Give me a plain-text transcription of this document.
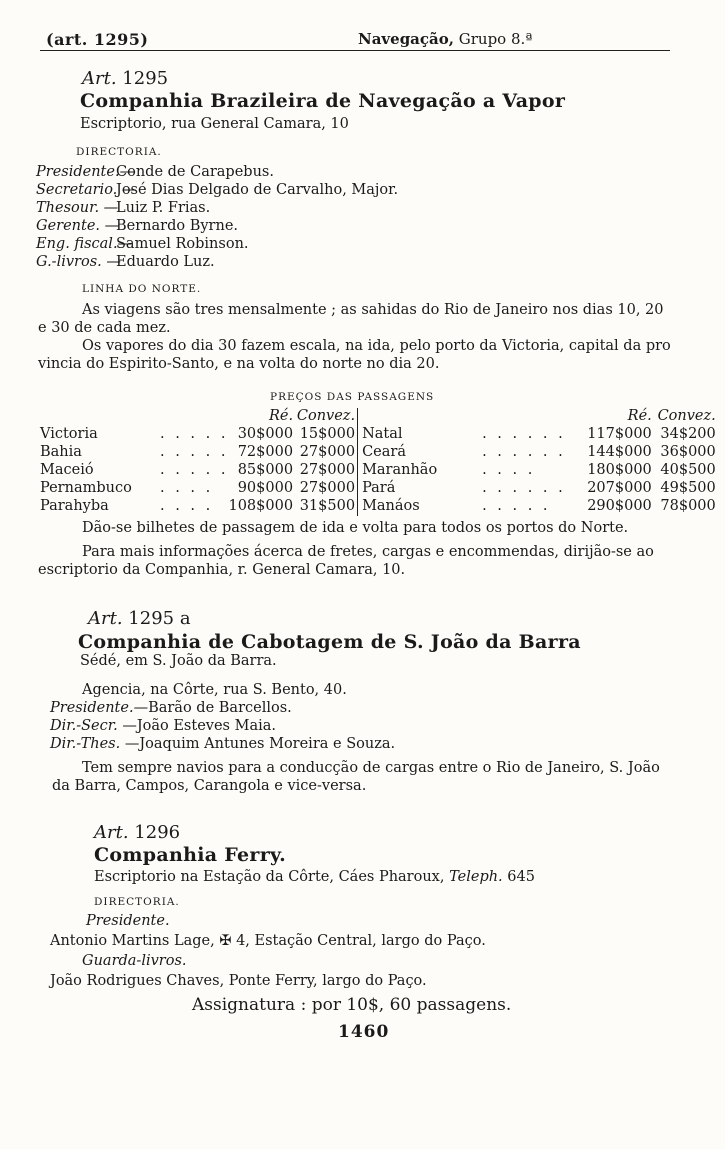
(art. 1295)	Navegação, Grupo 8.ª
Art. 1295
Companhia Brazileira de Navegação a Vapor
Escriptorio, rua General Camara, 10
DIRECTORIA.
Presidente.—Conde de Carapebus.
Secretario. —José Dias Delgado de Carvalho, Major.
Thesour. —Luiz P. Frias.
Gerente. —Bernardo Byrne.
Eng. fiscal.—Samuel Robinson.
G.-livros. —Eduardo Luz.
LINHA DO NORTE.
As viagens são tres mensalmente ; as sahidas do Rio de Janeiro nos dias 10, 20
e 30 de cada mez.
Os vapores do dia 30 fazem escala, na ida, pelo porto da Victoria, capital da pro
vincia do Espirito-Santo, e na volta do norte no dia 20.
PREÇOS DAS PASSAGENS
		Ré.	Convez.			Ré.	Convez.
Victoria	. . . . .	30$000	15$000	Natal	. . . . . .	117$000	34$200
Bahia	. . . . .	72$000	27$000	Ceará	. . . . . .	144$000	36$000
Maceió	. . . . .	85$000	27$000	Maranhão	. . . .	180$000	40$500
Pernambuco	. . . .	90$000	27$000	Pará	. . . . . .	207$000	49$500
Parahyba	. . . .	108$000	31$500	Manáos	. . . . .	290$000	78$000
Dão-se bilhetes de passagem de ida e volta para todos os portos do Norte.
Para mais informações ácerca de fretes, cargas e encommendas, dirijão-se ao
escriptorio da Companhia, r. General Camara, 10.
Art. 1295 a
Companhia de Cabotagem de S. João da Barra
Sédé, em S. João da Barra.
Agencia, na Côrte, rua S. Bento, 40.
Presidente.—Barão de Barcellos.
Dir.-Secr. —João Esteves Maia.
Dir.-Thes. —Joaquim Antunes Moreira e Souza.
Tem sempre navios para a conducção de cargas entre o Rio de Janeiro, S. João
da Barra, Campos, Carangola e vice-versa.
Art. 1296
Companhia Ferry.
Escriptorio na Estação da Côrte, Cáes Pharoux, Teleph. 645
DIRECTORIA.
Presidente.
Antonio Martins Lage, ✠ 4, Estação Central, largo do Paço.
Guarda-livros.
João Rodrigues Chaves, Ponte Ferry, largo do Paço.
Assignatura : por 10$, 60 passagens.
1460
